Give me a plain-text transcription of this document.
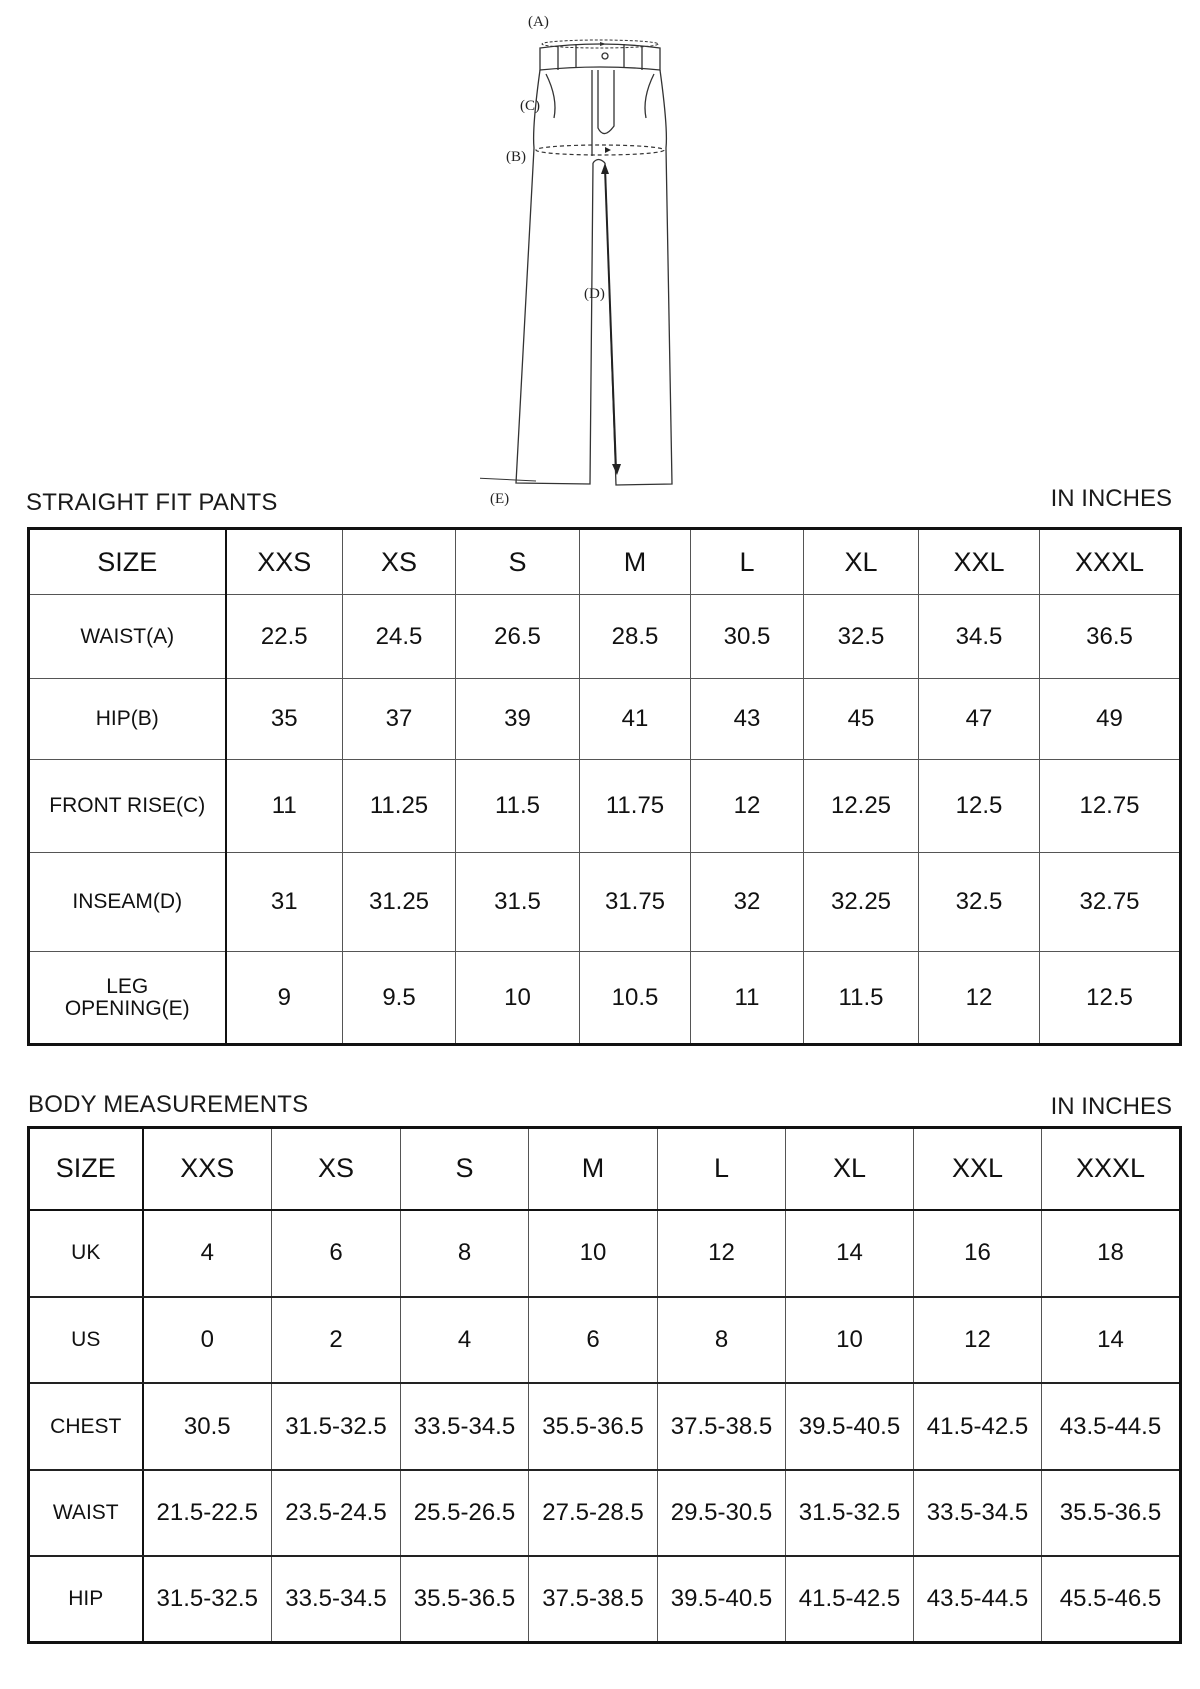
(A)
(C)
(B)
(D)
(E)
STRAIGHT FIT PANTS	IN INCHES
SIZE	XXS	XS	S	M	L	XL	XXL	XXXL
WAISТ(A)	22.5	24.5	26.5	28.5	30.5	32.5	34.5	36.5
HIP(B)	35	37	39	41	43	45	47	49
FRONT RISE(C)	11	11.25	11.5	11.75	12	12.25	12.5	12.75
INSEAM(D)	31	31.25	31.5	31.75	32	32.25	32.5	32.75
LEG
OPENING(E)	9	9.5	10	10.5	11	11.5	12	12.5
BODY MEASUREMENTS	IN INCHES
SIZE	XXS	XS	S	M	L	XL	XXL	XXXL
UK	4	6	8	10	12	14	16	18
US	0	2	4	6	8	10	12	14
CHEST	30.5	31.5-32.5	33.5-34.5	35.5-36.5	37.5-38.5	39.5-40.5	41.5-42.5	43.5-44.5
WAIST	21.5-22.5	23.5-24.5	25.5-26.5	27.5-28.5	29.5-30.5	31.5-32.5	33.5-34.5	35.5-36.5
HIP	31.5-32.5	33.5-34.5	35.5-36.5	37.5-38.5	39.5-40.5	41.5-42.5	43.5-44.5	45.5-46.5
